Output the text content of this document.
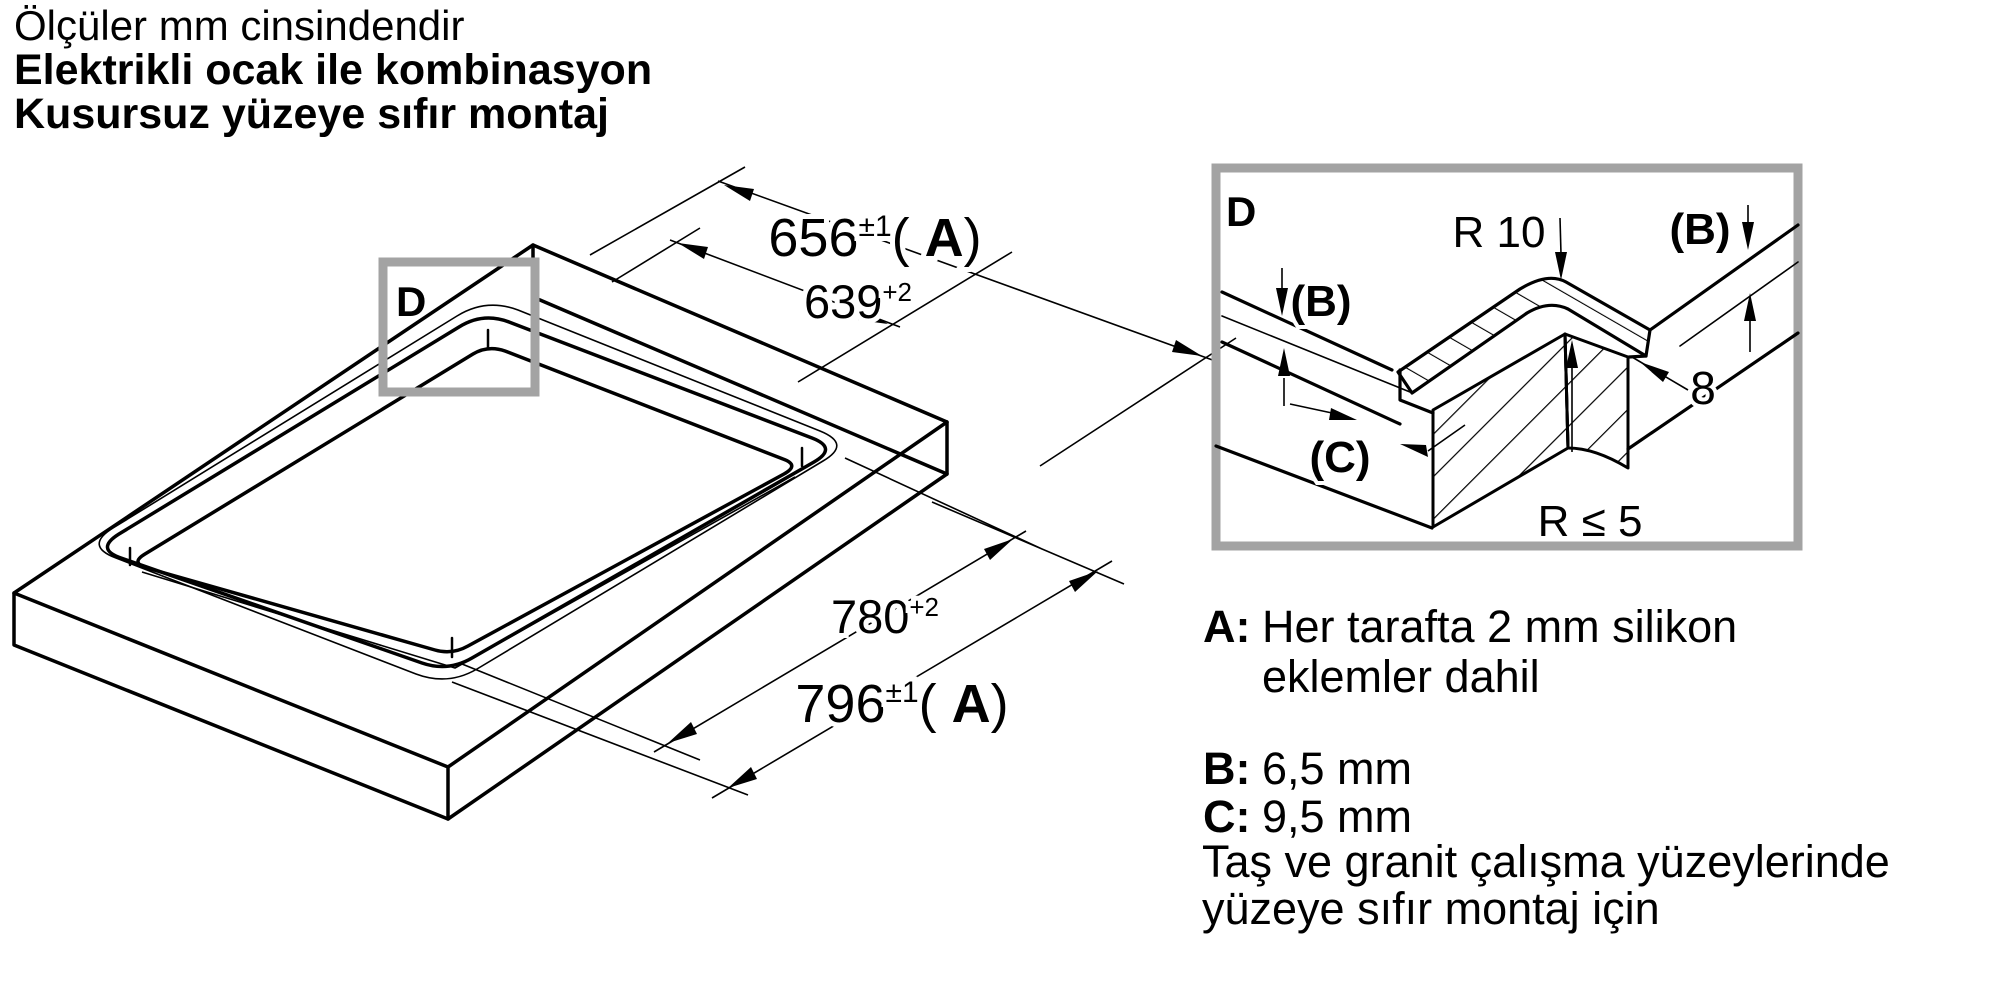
Ölçüler mm cinsindendir
Elektrikli ocak ile kombinasyon
Kusursuz yüzeye sıfır montaj
D
$656^{\pm 1}$( A)
$639^{+2}$
$780^{+2}$
$796^{\pm 1}$( A)
D	R 10	(B)
(B)
8
(C)
R ≤ 5
A: Her tarafta 2 mm silikon
eklemler dahil
B: 6,5 mm
C: 9,5 mm
Taş ve granit çalışma yüzeylerinde
yüzeye sıfır montaj için
